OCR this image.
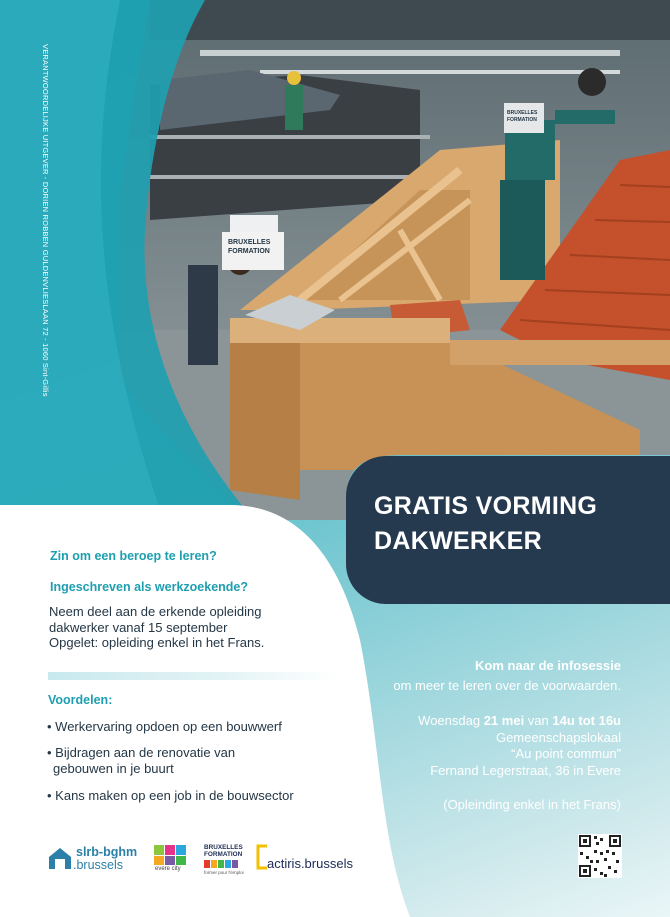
BRUXELLES
FORMATION
BRUXELLES
FORMATION
VERANTWOORDELIJKE UITGEVER - DORIEN ROBBEN GULDENVLIESLAAN 72 - 1060 Sint-Gillis
GRATIS VORMING
DAKWERKER
Zin om een beroep te leren?
Ingeschreven als werkzoekende?
Neem deel aan de erkende opleiding
dakwerker vanaf 15 september
Opgelet: opleiding enkel in het Frans.
Voordelen:
• Werkervaring opdoen op een bouwwerf
• Bijdragen aan de renovatie van
gebouwen in je buurt
• Kans maken op een job in de bouwsector
Kom naar de infosessie
om meer te leren over de voorwaarden.
Woensdag 21 mei van 14u tot 16u
Gemeenschapslokaal
“Au point commun”
Fernand Legerstraat, 36 in Evere
(Opleinding enkel in het Frans)
slrb-bghm
.brussels	evere city
BRUXELLES
FORMATION
former pour l'emploi
actiris.brussels
